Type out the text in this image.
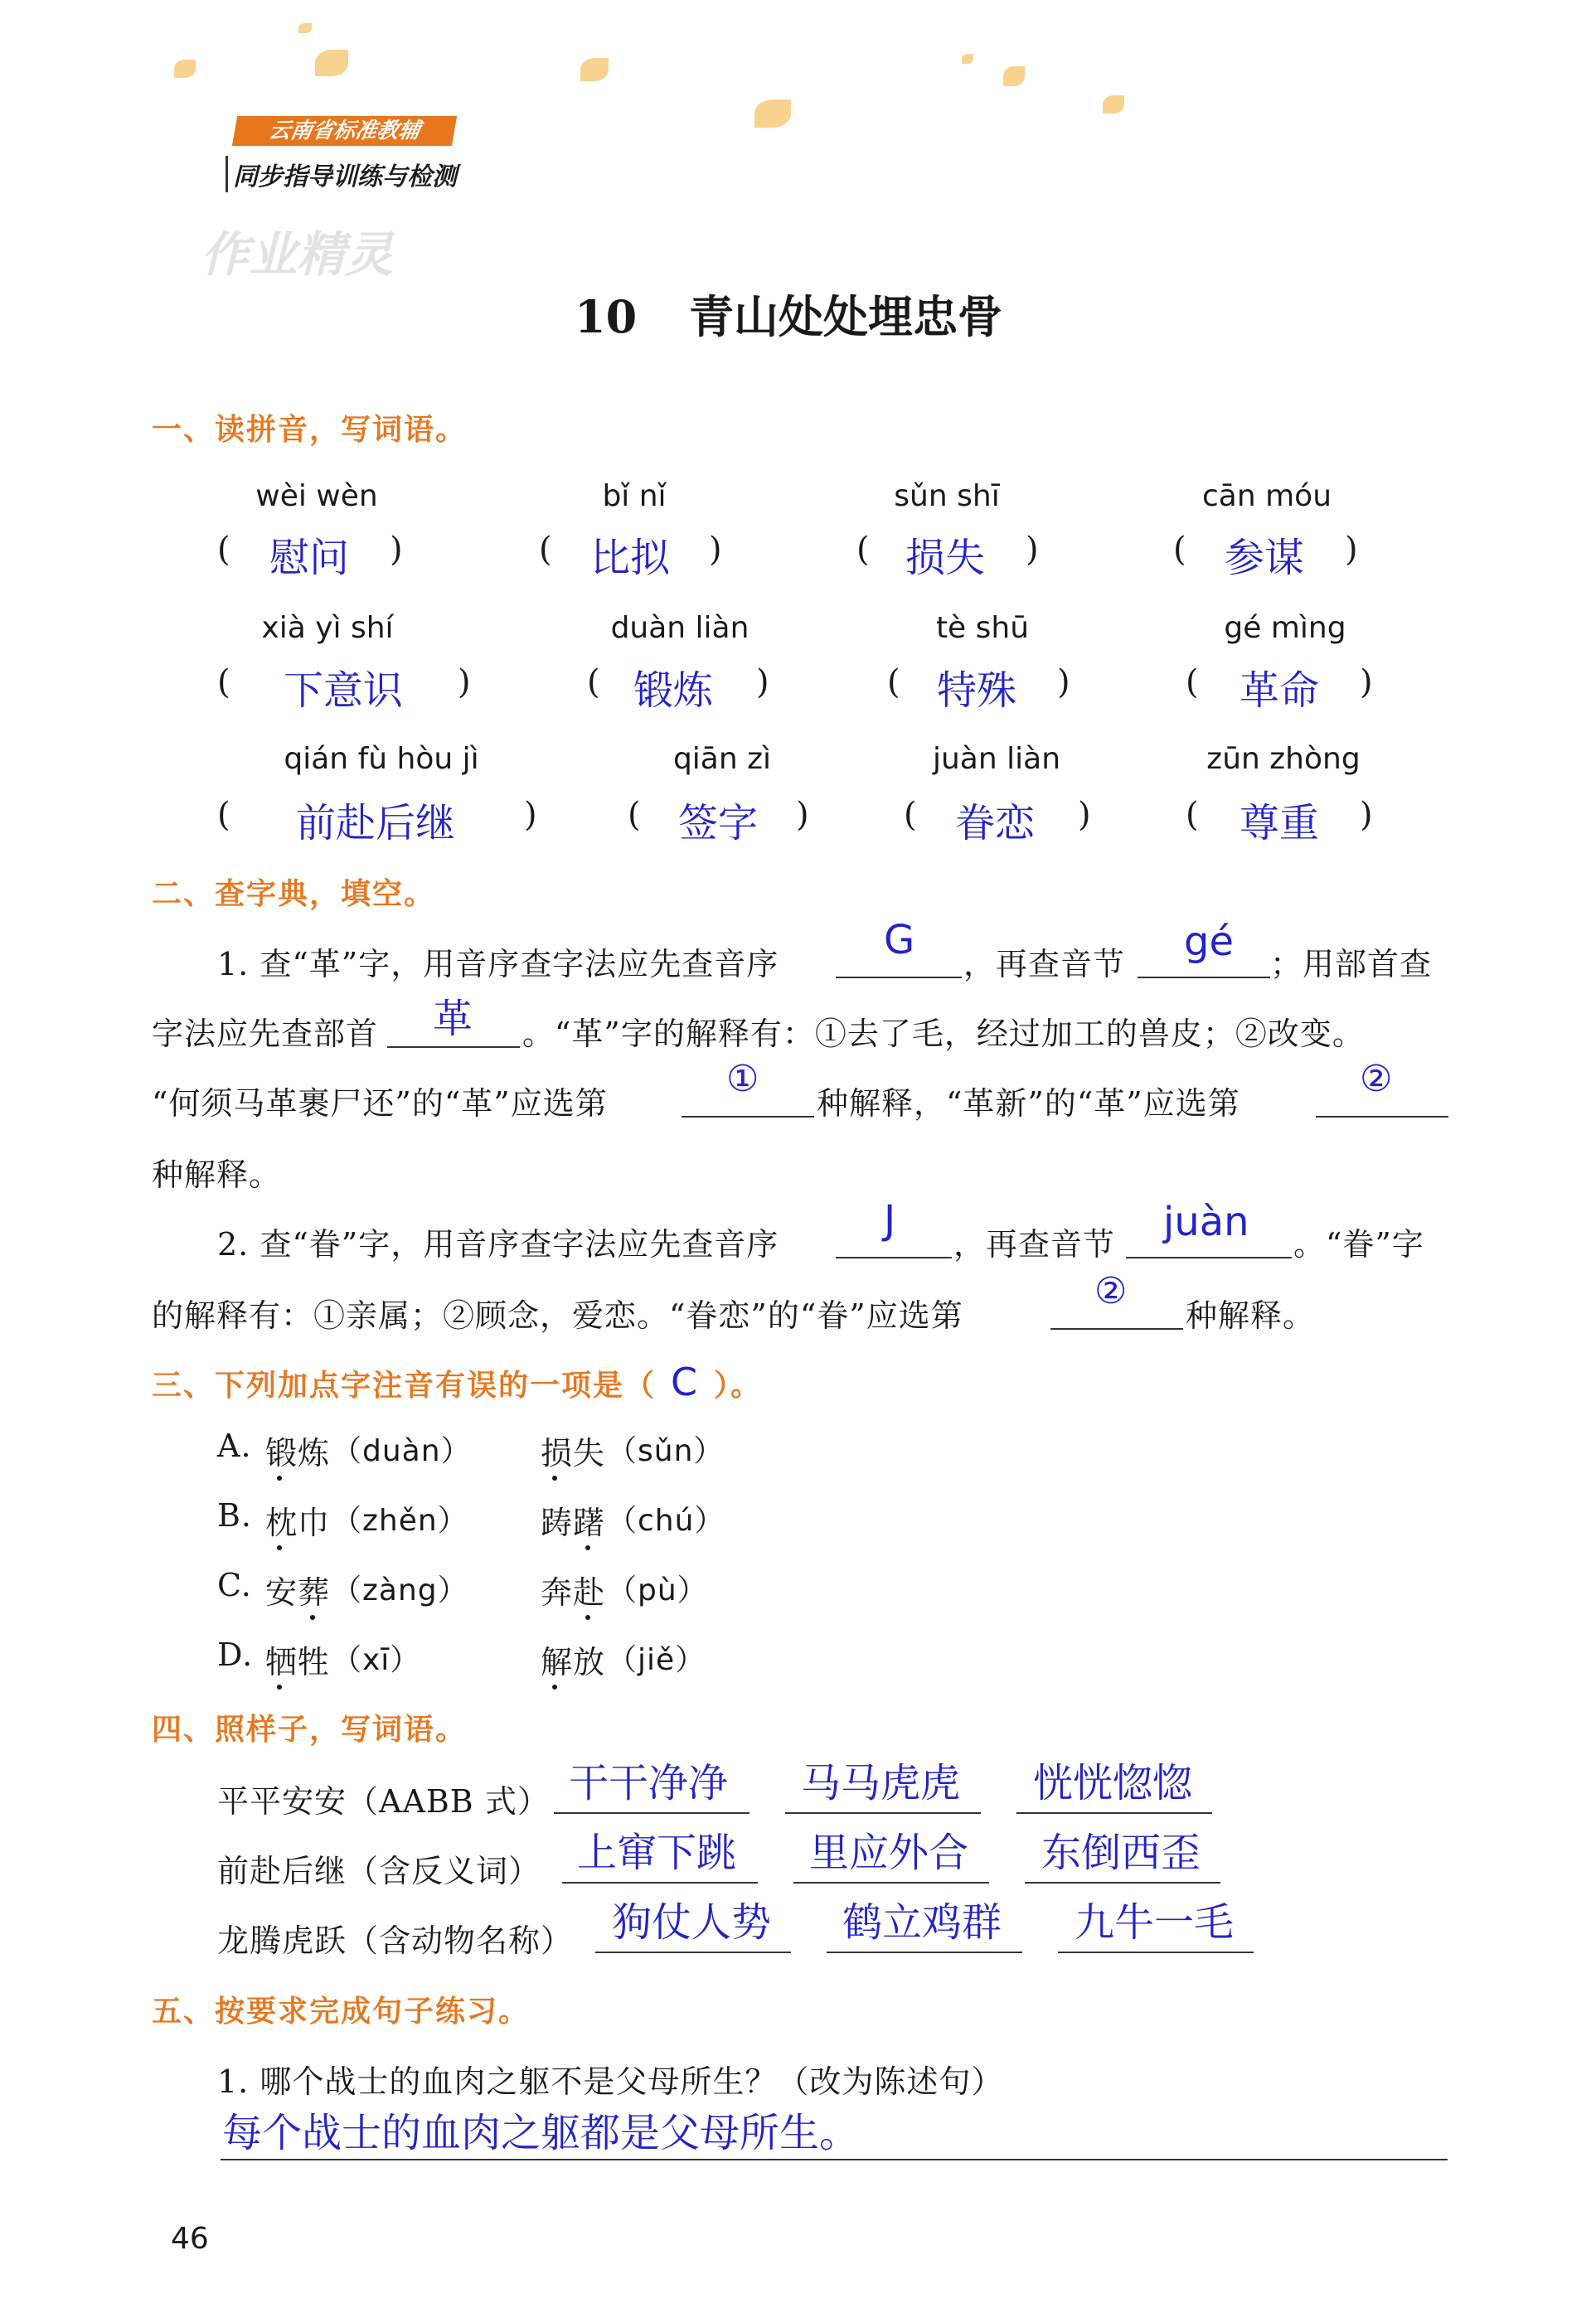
云南省标准教辅
同步指导训练与检测
作业精灵
10 青山处处埋忠骨
一、读拼音，写词语。
wèi wèn	bǐ nǐ	sǔn shī	cān móu
( 慰问 )	( 比拟 )	( 损失 )	( 参谋 )
xià yì shí	duàn liàn	tè shū	gé mìng
( 下意识 )	( 锻炼 )	( 特殊 )	( 革命 )
qián fù hòu jì	qiān zì	juàn liàn	zūn zhòng
( 前赴后继 )	( 签字 )	( 眷恋 )	( 尊重 )
二、查字典，填空。
1. 查“革”字，用音序查字法应先查音序
G
，再查音节 gé ；用部首查
字法应先查部首 革 。“革”字的解释有：①去了毛，经过加工的兽皮；②改变。
“何须马革裹尸还”的“革”应选第
①
种解释，“革新”的“革”应选第
②
种解释。
2. 查“眷”字，用音序查字法应先查音序
J
，再查音节 juàn 。“眷”字
的解释有：①亲属；②顾念，爱恋。“眷恋”的“眷”应选第
②
种解释。
三、下列加点字注音有误的一项是（ C ）。
A. 锻炼 （duàn） 损失 （sǔn）
B. 枕巾 （zhěn） 踌躇 （chú）
C. 安葬 （zàng） 奔赴 （pù）
D. 牺牲 （xī）	解放 （jiě）
四、照样子，写词语。
平平安安（AABB 式） 干干净净 马马虎虎 恍恍惚惚
前赴后继（含反义词） 上窜下跳 里应外合 东倒西歪
龙腾虎跃（含动物名称） 狗仗人势 鹤立鸡群 九牛一毛
五、按要求完成句子练习。
1. 哪个战士的血肉之躯不是父母所生？（改为陈述句）
每个战士的血肉之躯都是父母所生。
46
